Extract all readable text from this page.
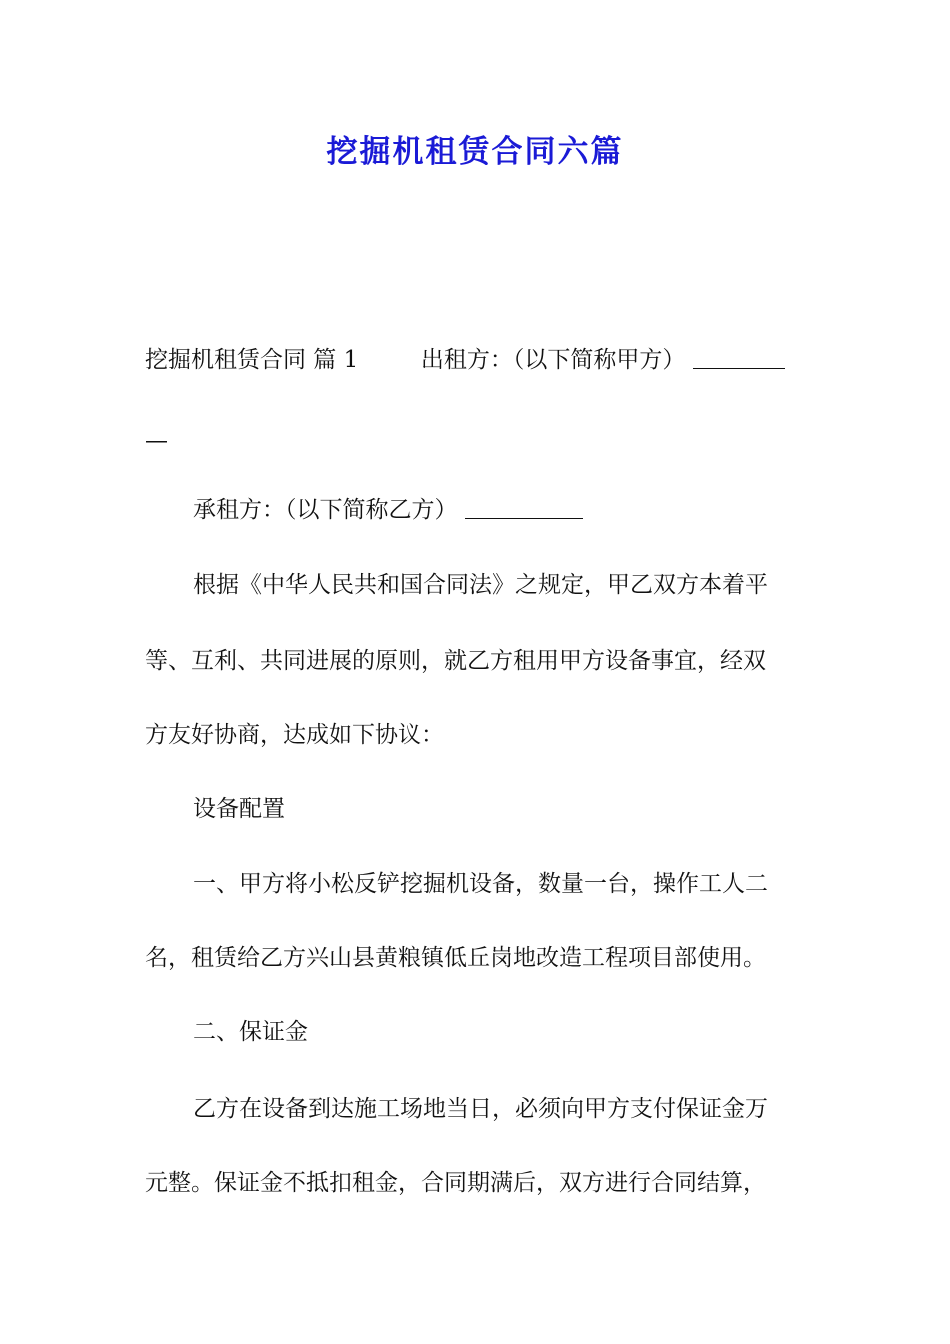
挖掘机租赁合同六篇
挖掘机租赁合同 篇 1	出租方：（以下简称甲方）
—
承租方：（以下简称乙方）
根据《中华人民共和国合同法》之规定，甲乙双方本着平
等、互利、共同进展的原则，就乙方租用甲方设备事宜，经双
方友好协商，达成如下协议：
设备配置
一、甲方将小松反铲挖掘机设备，数量一台，操作工人二
名，租赁给乙方兴山县黄粮镇低丘岗地改造工程项目部使用。
二、保证金
乙方在设备到达施工场地当日，必须向甲方支付保证金万
元整。保证金不抵扣租金，合同期满后，双方进行合同结算，
